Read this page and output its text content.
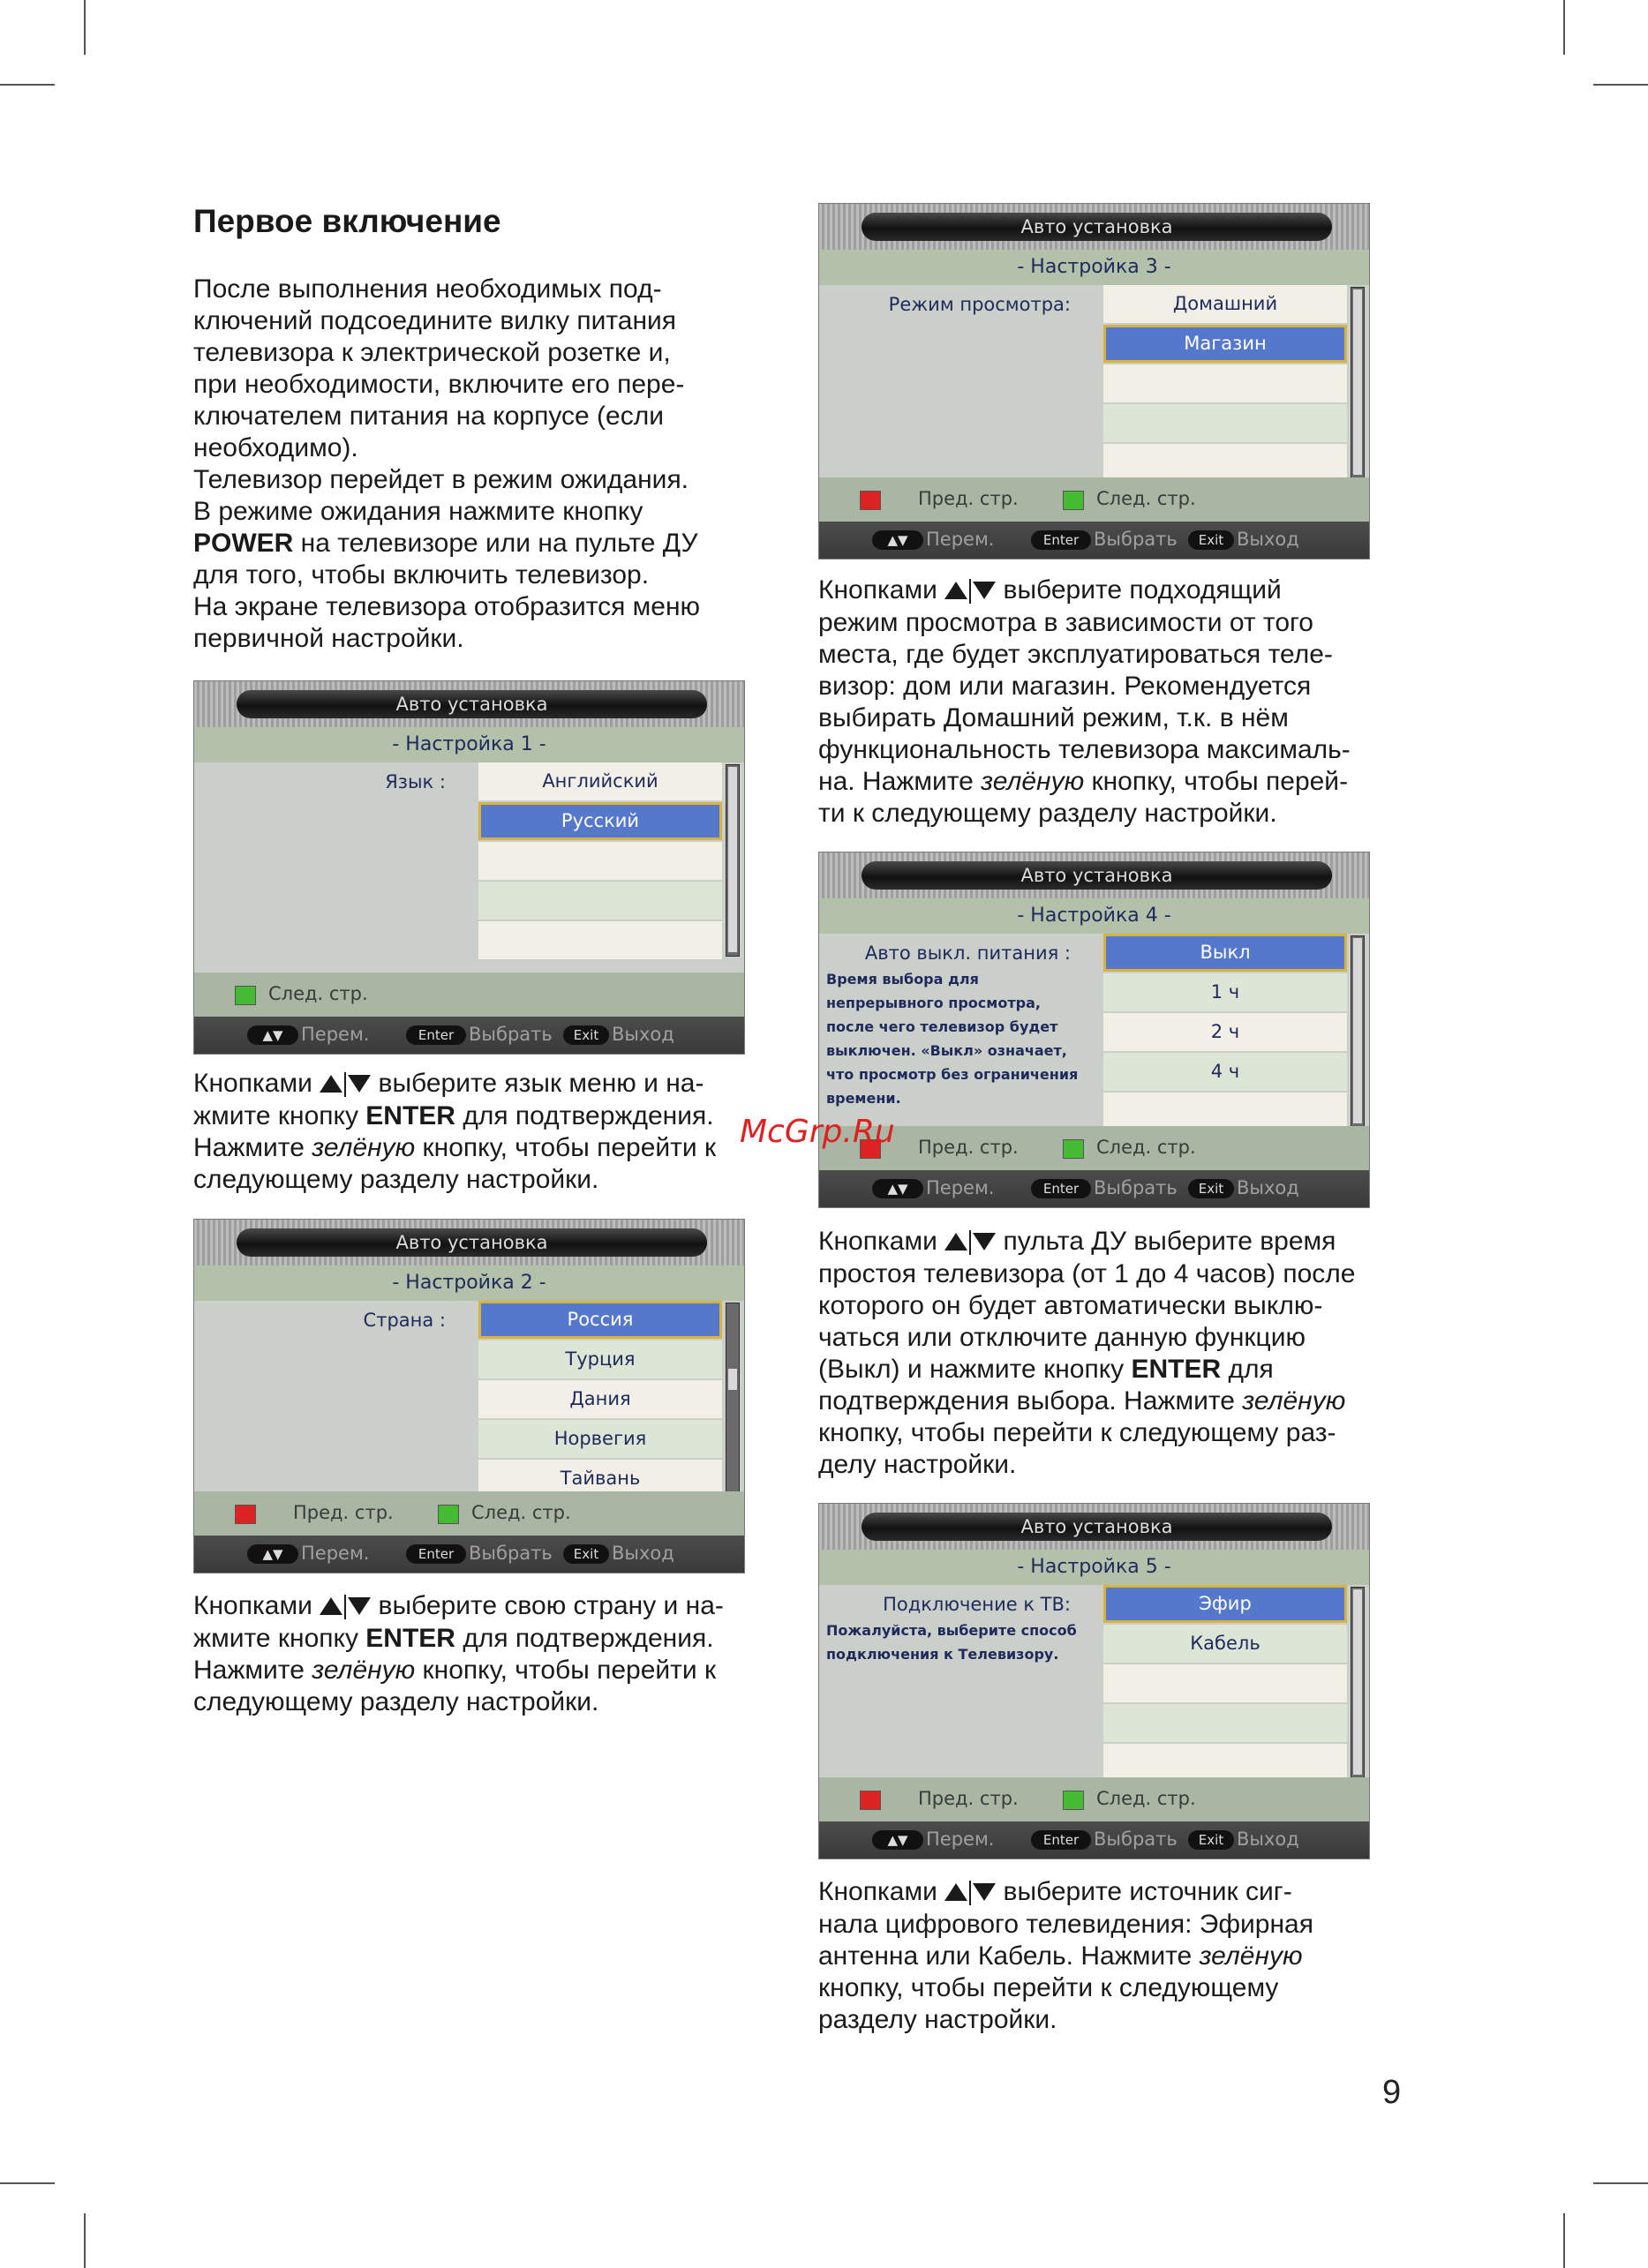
Первое включение
После выполнения необходимых под-
ключений подсоедините вилку питания
телевизора к электрической розетке и,
при необходимости, включите его пере-
ключателем питания на корпусе (если
необходимо).
Телевизор перейдет в режим ожидания.
В режиме ожидания нажмите кнопку
POWER на телевизоре или на пульте ДУ
для того, чтобы включить телевизор.
На экране телевизора отобразится меню
первичной настройки.
Авто установка
- Настройка 1 -
Язык :	Английский
Русский
След. стр.
▲▼ Перем.	Enter Выбрать	Exit Выход
Кнопками  выберите язык меню и на-
жмите кнопку ENTER для подтверждения.
Нажмите зелёную кнопку, чтобы перейти к
следующему разделу настройки.
Авто установка
- Настройка 2 -
Страна :	Россия
Турция
Дания
Норвегия
Тайвань
Пред. стр.	След. стр.
▲▼ Перем.	Enter Выбрать	Exit Выход
Кнопками  выберите свою страну и на-
жмите кнопку ENTER для подтверждения.
Нажмите зелёную кнопку, чтобы перейти к
следующему разделу настройки.
Авто установка
- Настройка 3 -
Режим просмотра:	Домашний
Магазин
Пред. стр.	След. стр.
▲▼ Перем.	Enter Выбрать	Exit Выход
Кнопками  выберите подходящий
режим просмотра в зависимости от того
места, где будет эксплуатироваться теле-
визор: дом или магазин. Рекомендуется
выбирать Домашний режим, т.к. в нём
функциональность телевизора максималь-
на. Нажмите зелёную кнопку, чтобы перей-
ти к следующему разделу настройки.
Авто установка
- Настройка 4 -
Авто выкл. питания :
Время выбора для
непрерывного просмотра,
после чего телевизор будет
выключен. «Выкл» означает,
что просмотр без ограничения
времени.
Выкл
1 ч
2 ч
4 ч
Пред. стр.	След. стр.
▲▼ Перем.	Enter Выбрать	Exit Выход
Кнопками  пульта ДУ выберите время
простоя телевизора (от 1 до 4 часов) после
которого он будет автоматически выклю-
чаться или отключите данную функцию
(Выкл) и нажмите кнопку ENTER для
подтверждения выбора. Нажмите зелёную
кнопку, чтобы перейти к следующему раз-
делу настройки.
Авто установка
- Настройка 5 -
Подключение к ТВ:
Пожалуйста, выберите способ
подключения к Телевизору.
Эфир
Кабель
Пред. стр.	След. стр.
▲▼ Перем.	Enter Выбрать	Exit Выход
Кнопками  выберите источник сиг-
нала цифрового телевидения: Эфирная
антенна или Кабель. Нажмите зелёную
кнопку, чтобы перейти к следующему
разделу настройки.
McGrp.Ru
9
